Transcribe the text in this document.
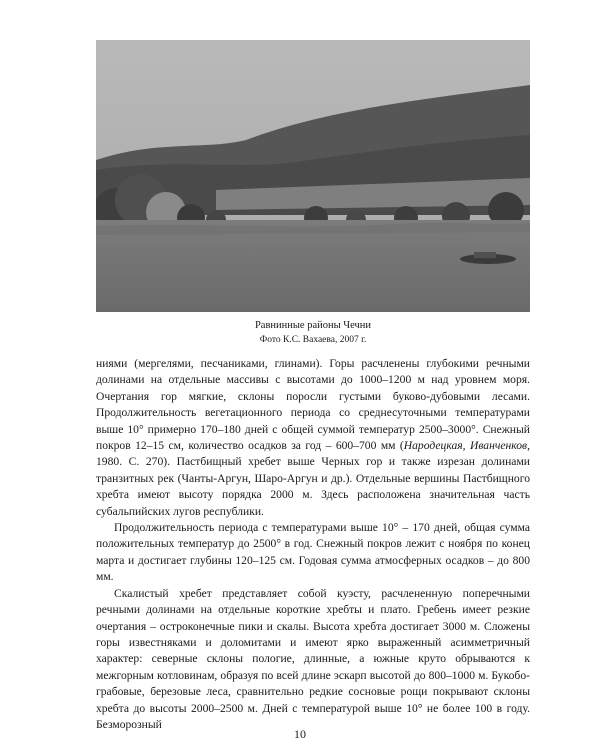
Равнинные районы Чечни
Фото К.С. Вахаева, 2007 г.

ниями (мергелями, песчаниками, глинами). Горы расчленены глубокими речными долинами на отдельные массивы с высотами до 1000–1200 м над уровнем моря. Очертания гор мягкие, склоны поросли густыми буково-дубовыми лесами. Продолжительность вегетационного периода со среднесуточными температурами выше 10° примерно 170–180 дней с общей суммой температур 2500–3000°. Снежный покров 12–15 см, количество осадков за год – 600–700 мм (Народецкая, Иванченков, 1980. С. 270). Пастбищный хребет выше Черных гор и также изрезан долинами транзитных рек (Чанты-Аргун, Шаро-Аргун и др.). Отдельные вершины Пастбищного хребта имеют высоту порядка 2000 м. Здесь расположена значительная часть субальпийских лугов республики.

Продолжительность периода с температурами выше 10° – 170 дней, общая сумма положительных температур до 2500° в год. Снежный покров лежит с ноября по конец марта и достигает глубины 120–125 см. Годовая сумма атмосферных осадков – до 800 мм.

Скалистый хребет представляет собой куэсту, расчлененную поперечными речными долинами на отдельные короткие хребты и плато. Гребень имеет резкие очертания – остроконечные пики и скалы. Высота хребта достигает 3000 м. Сложены горы известняками и доломитами и имеют ярко выраженный асимметричный характер: северные склоны пологие, длинные, а южные круто обрываются к межгорным котловинам, образуя по всей длине эскарп высотой до 800–1000 м. Букобо-грабовые, березовые леса, сравнительно редкие сосновые рощи покрывают склоны хребта до высоты 2000–2500 м. Дней с температурой выше 10° не более 100 в году. Безморозный

10
